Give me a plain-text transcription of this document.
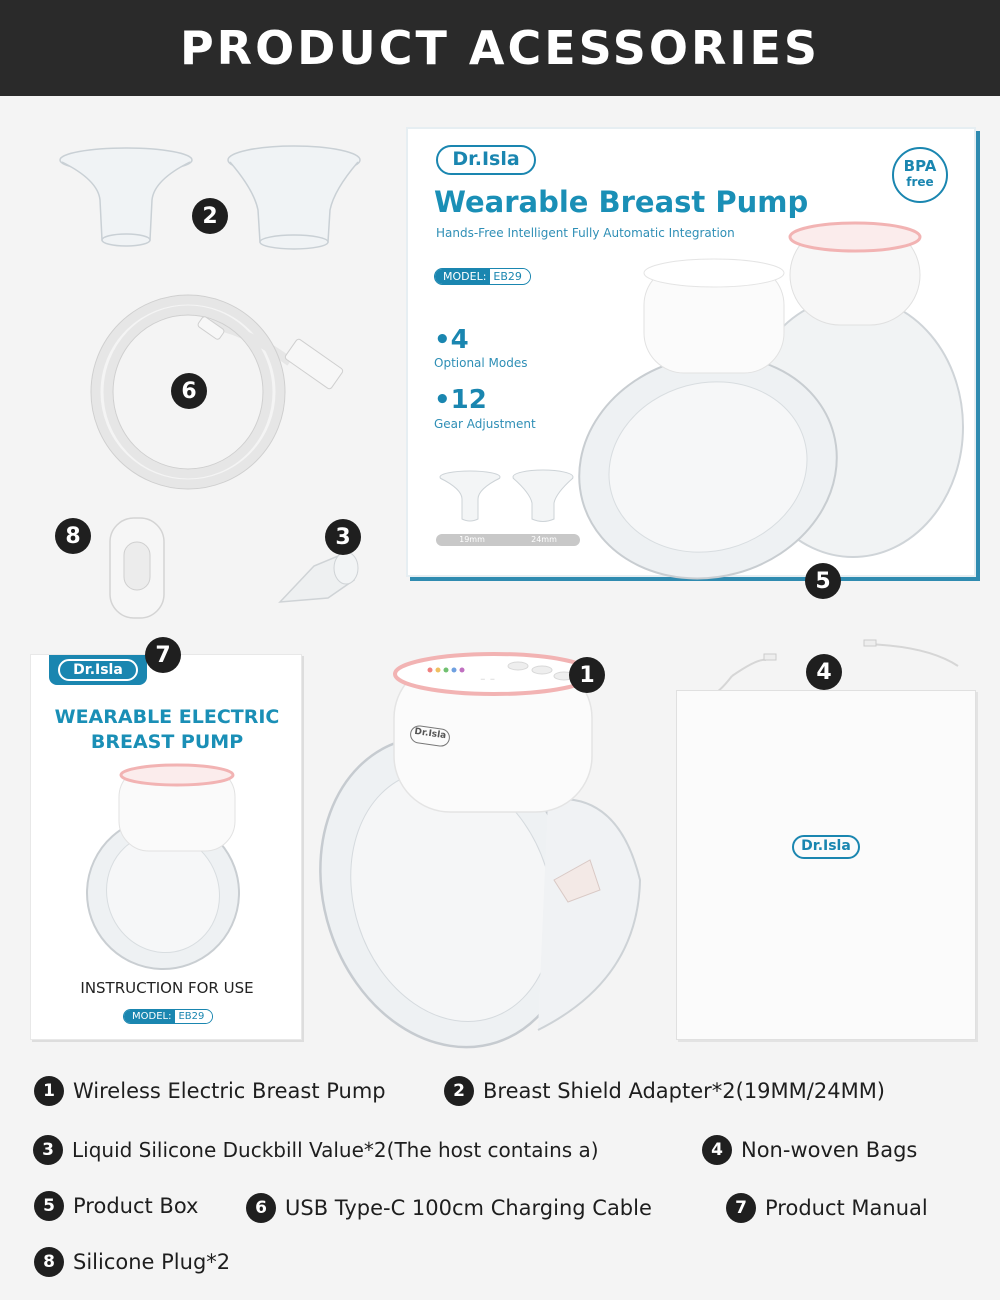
PRODUCT ACESSORIES
2
6
8	3
Dr.Isla
Wearable Breast Pump
Hands-Free Intelligent Fully Automatic Integration
MODEL: EB29
•4
Optional Modes
•12
Gear Adjustment
BPA
free
19mm	24mm
5
Dr.Isla
WEARABLE ELECTRIC
BREAST PUMP
INSTRUCTION FOR USE
MODEL: EB29
7
--
Dr.Isla
1
Dr.Isla
4
1 Wireless Electric Breast Pump	2 Breast Shield Adapter*2(19MM/24MM)
3 Liquid Silicone Duckbill Value*2(The host contains a)	4 Non-woven Bags
5 Product Box	6 USB Type-C 100cm Charging Cable	7 Product Manual
8 Silicone Plug*2
